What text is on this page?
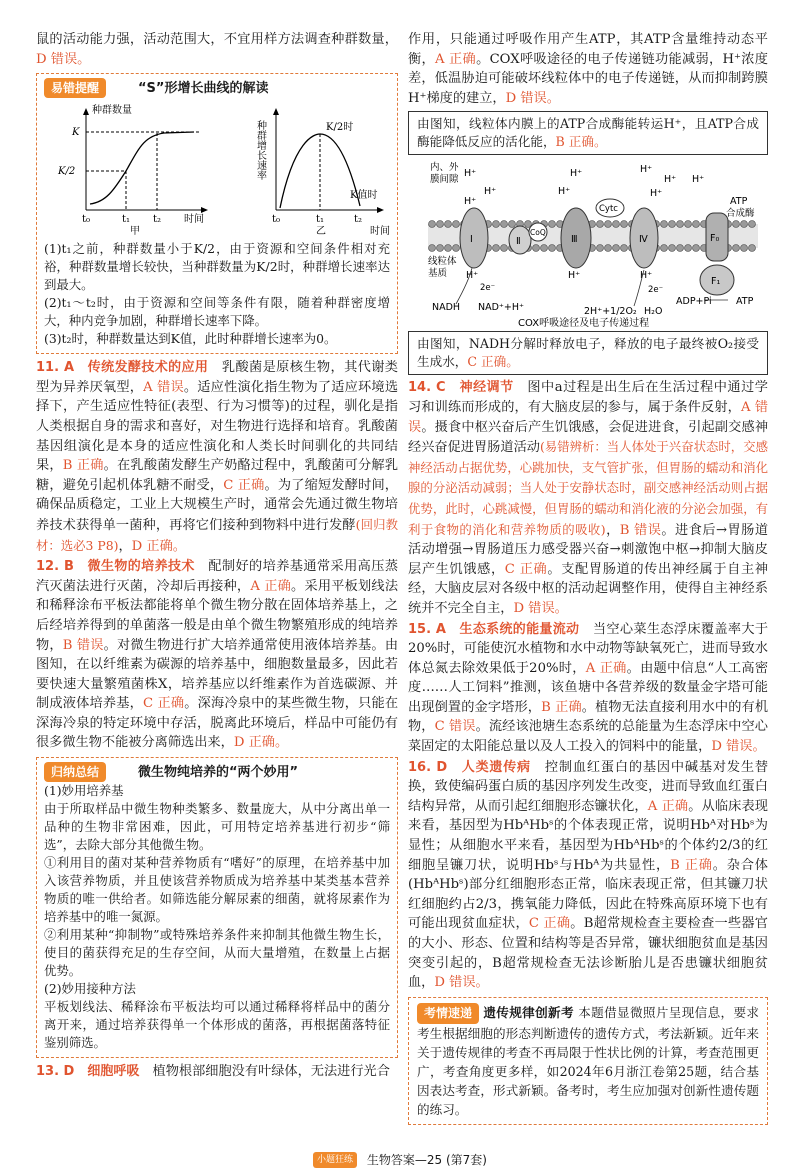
鼠的活动能力强，活动范围大，不宜用样方法调查种群数量，D 错误。

易错提醒	“S”形增长曲线的解读
种群数量
K
K/2
t₀	t₁ t₂ 时间
甲
K/2时
K值时
种群增长速率
t₀	t₁	t₂
时间
乙

(1)t₁之前，种群数量小于K/2，由于资源和空间条件相对充裕，种群数量增长较快，当种群数量为K/2时，种群增长速率达到最大。

(2)t₁～t₂时，由于资源和空间等条件有限，随着种群密度增大，种内竞争加剧，种群增长速率下降。

(3)t₂时，种群数量达到K值，此时种群增长速率为0。

11. A　传统发酵技术的应用　 乳酸菌是原核生物，其代谢类型为异养厌氧型，A 错误。适应性演化指生物为了适应环境选择下，产生适应性特征(表型、行为习惯等)的过程，驯化是指人类根据自身的需求和喜好，对生物进行选择和培育。乳酸菌基因组演化是本身的适应性演化和人类长时间驯化的共同结果，B 正确。在乳酸菌发酵生产奶酪过程中，乳酸菌可分解乳糖，避免引起机体乳糖不耐受，C 正确。为了缩短发酵时间，确保品质稳定，工业上大规模生产时，通常会先通过微生物培养技术获得单一菌种，再将它们接种到物料中进行发酵(回归教材：选必3 P8)，D 正确。

12. B　微生物的培养技术　 配制好的培养基通常采用高压蒸汽灭菌法进行灭菌，冷却后再接种，A 正确。采用平板划线法和稀释涂布平板法都能将单个微生物分散在固体培养基上，之后经培养得到的单菌落一般是由单个微生物繁殖形成的纯培养物，B 错误。对微生物进行扩大培养通常使用液体培养基。由图知，在以纤维素为碳源的培养基中，细胞数量最多，因此若要快速大量繁殖菌株X，培养基应以纤维素作为首选碳源、并制成液体培养基，C 正确。深海冷泉中的某些微生物，只能在深海冷泉的特定环境中存活，脱离此环境后，样品中可能仍有很多微生物不能被分离筛选出来，D 正确。

归纳总结	微生物纯培养的“两个妙用”

(1)妙用培养基

由于所取样品中微生物种类繁多、数量庞大，从中分离出单一品种的生物非常困难，因此，可用特定培养基进行初步“筛选”，去除大部分其他微生物。

①利用目的菌对某种营养物质有“嗜好”的原理，在培养基中加入该营养物质，并且使该营养物质成为培养基中某类基本营养物质的唯一供给者。如筛选能分解尿素的细菌，就将尿素作为培养基中的唯一氮源。

②利用某种“抑制物”或特殊培养条件来抑制其他微生物生长，使目的菌获得充足的生存空间，从而大量增殖，在数量上占据优势。

(2)妙用接种方法

平板划线法、稀释涂布平板法均可以通过稀释将样品中的菌分离开来，通过培养获得单一个体形成的菌落，再根据菌落特征鉴别筛选。

13. D　细胞呼吸　 植物根部细胞没有叶绿体，无法进行光合

作用，只能通过呼吸作用产生ATP，其ATP含量维持动态平衡，A 正确。COX呼吸途径的电子传递链功能减弱，H⁺浓度差，低温胁迫可能破坏线粒体中的电子传递链，从而抑制跨膜H⁺梯度的建立，D 错误。

由图知，线粒体内膜上的ATP合成酶能转运H⁺，且ATP合成酶能降低反应的活化能，B 正确。
Ⅰ	Ⅱ	Ⅲ	Ⅳ	F₀
F₁
CoQ
Cytc
内、外
膜间隙
H⁺
H⁺
H⁺
H⁺
H⁺
H⁺
H⁺
H⁺
H⁺
H⁺	H⁺	H⁺
ATP
合成酶
线粒体
基质
2e⁻	2e⁻
NADH NAD⁺+H⁺	2H⁺+1/2O₂ H₂O
ADP+Pi	ATP
COX呼吸途径及电子传递过程
由图知，NADH分解时释放电子，释放的电子最终被O₂接受生成水，C 正确。

14. C　神经调节　 图中a过程是出生后在生活过程中通过学习和训练而形成的，有大脑皮层的参与，属于条件反射，A 错误。摄食中枢兴奋后产生饥饿感，会促进进食，引起副交感神经兴奋促进胃肠道活动(易错辨析：当人体处于兴奋状态时，交感神经活动占据优势，心跳加快，支气管扩张，但胃肠的蠕动和消化腺的分泌活动减弱；当人处于安静状态时，副交感神经活动则占据优势，此时，心跳减慢，但胃肠的蠕动和消化液的分泌会加强，有利于食物的消化和营养物质的吸收)，B 错误。进食后→胃肠道活动增强→胃肠道压力感受器兴奋→刺激饱中枢→抑制大脑皮层产生饥饿感，C 正确。支配胃肠道的传出神经属于自主神经，大脑皮层对各级中枢的活动起调整作用，使得自主神经系统并不完全自主，D 错误。

15. A　生态系统的能量流动　 当空心菜生态浮床覆盖率大于20%时，可能使沉水植物和水中动物等缺氧死亡，进而导致水体总氮去除效果低于20%时，A 正确。由题中信息“人工高密度……人工饲料”推测，该鱼塘中各营养级的数量金字塔可能出现倒置的金字塔形，B 正确。植物无法直接利用水中的有机物，C 错误。流经该池塘生态系统的总能量为生态浮床中空心菜固定的太阳能总量以及人工投入的饲料中的能量，D 错误。

16. D　人类遗传病　 控制血红蛋白的基因中碱基对发生替换，致使编码蛋白质的基因序列发生改变，进而导致血红蛋白结构异常，从而引起红细胞形态镰状化，A 正确。从临床表现来看，基因型为HbᴬHbˢ的个体表现正常，说明Hbᴬ对Hbˢ为显性；从细胞水平来看，基因型为HbᴬHbˢ的个体约2/3的红细胞呈镰刀状，说明Hbˢ与Hbᴬ为共显性，B 正确。杂合体(HbᴬHbˢ)部分红细胞形态正常，临床表现正常，但其镰刀状红细胞约占2/3，携氧能力降低，因此在特殊高原环境下也有可能出现贫血症状，C 正确。B超常规检查主要检查一些器官的大小、形态、位置和结构等是否异常，镰状细胞贫血是基因突变引起的，B超常规检查无法诊断胎儿是否患镰状细胞贫血，D 错误。

考情速递 遗传规律创新考 本题借显微照片呈现信息，要求考生根据细胞的形态判断遗传的遗传方式，考法新颖。近年来关于遗传规律的考查不再局限于性状比例的计算，考查范围更广，考查角度更多样，如2024年6月浙江卷第25题，结合基因表达考查，形式新颖。备考时，考生应加强对创新性遗传题的练习。
小题狂练 生物答案—25 (第7套)
